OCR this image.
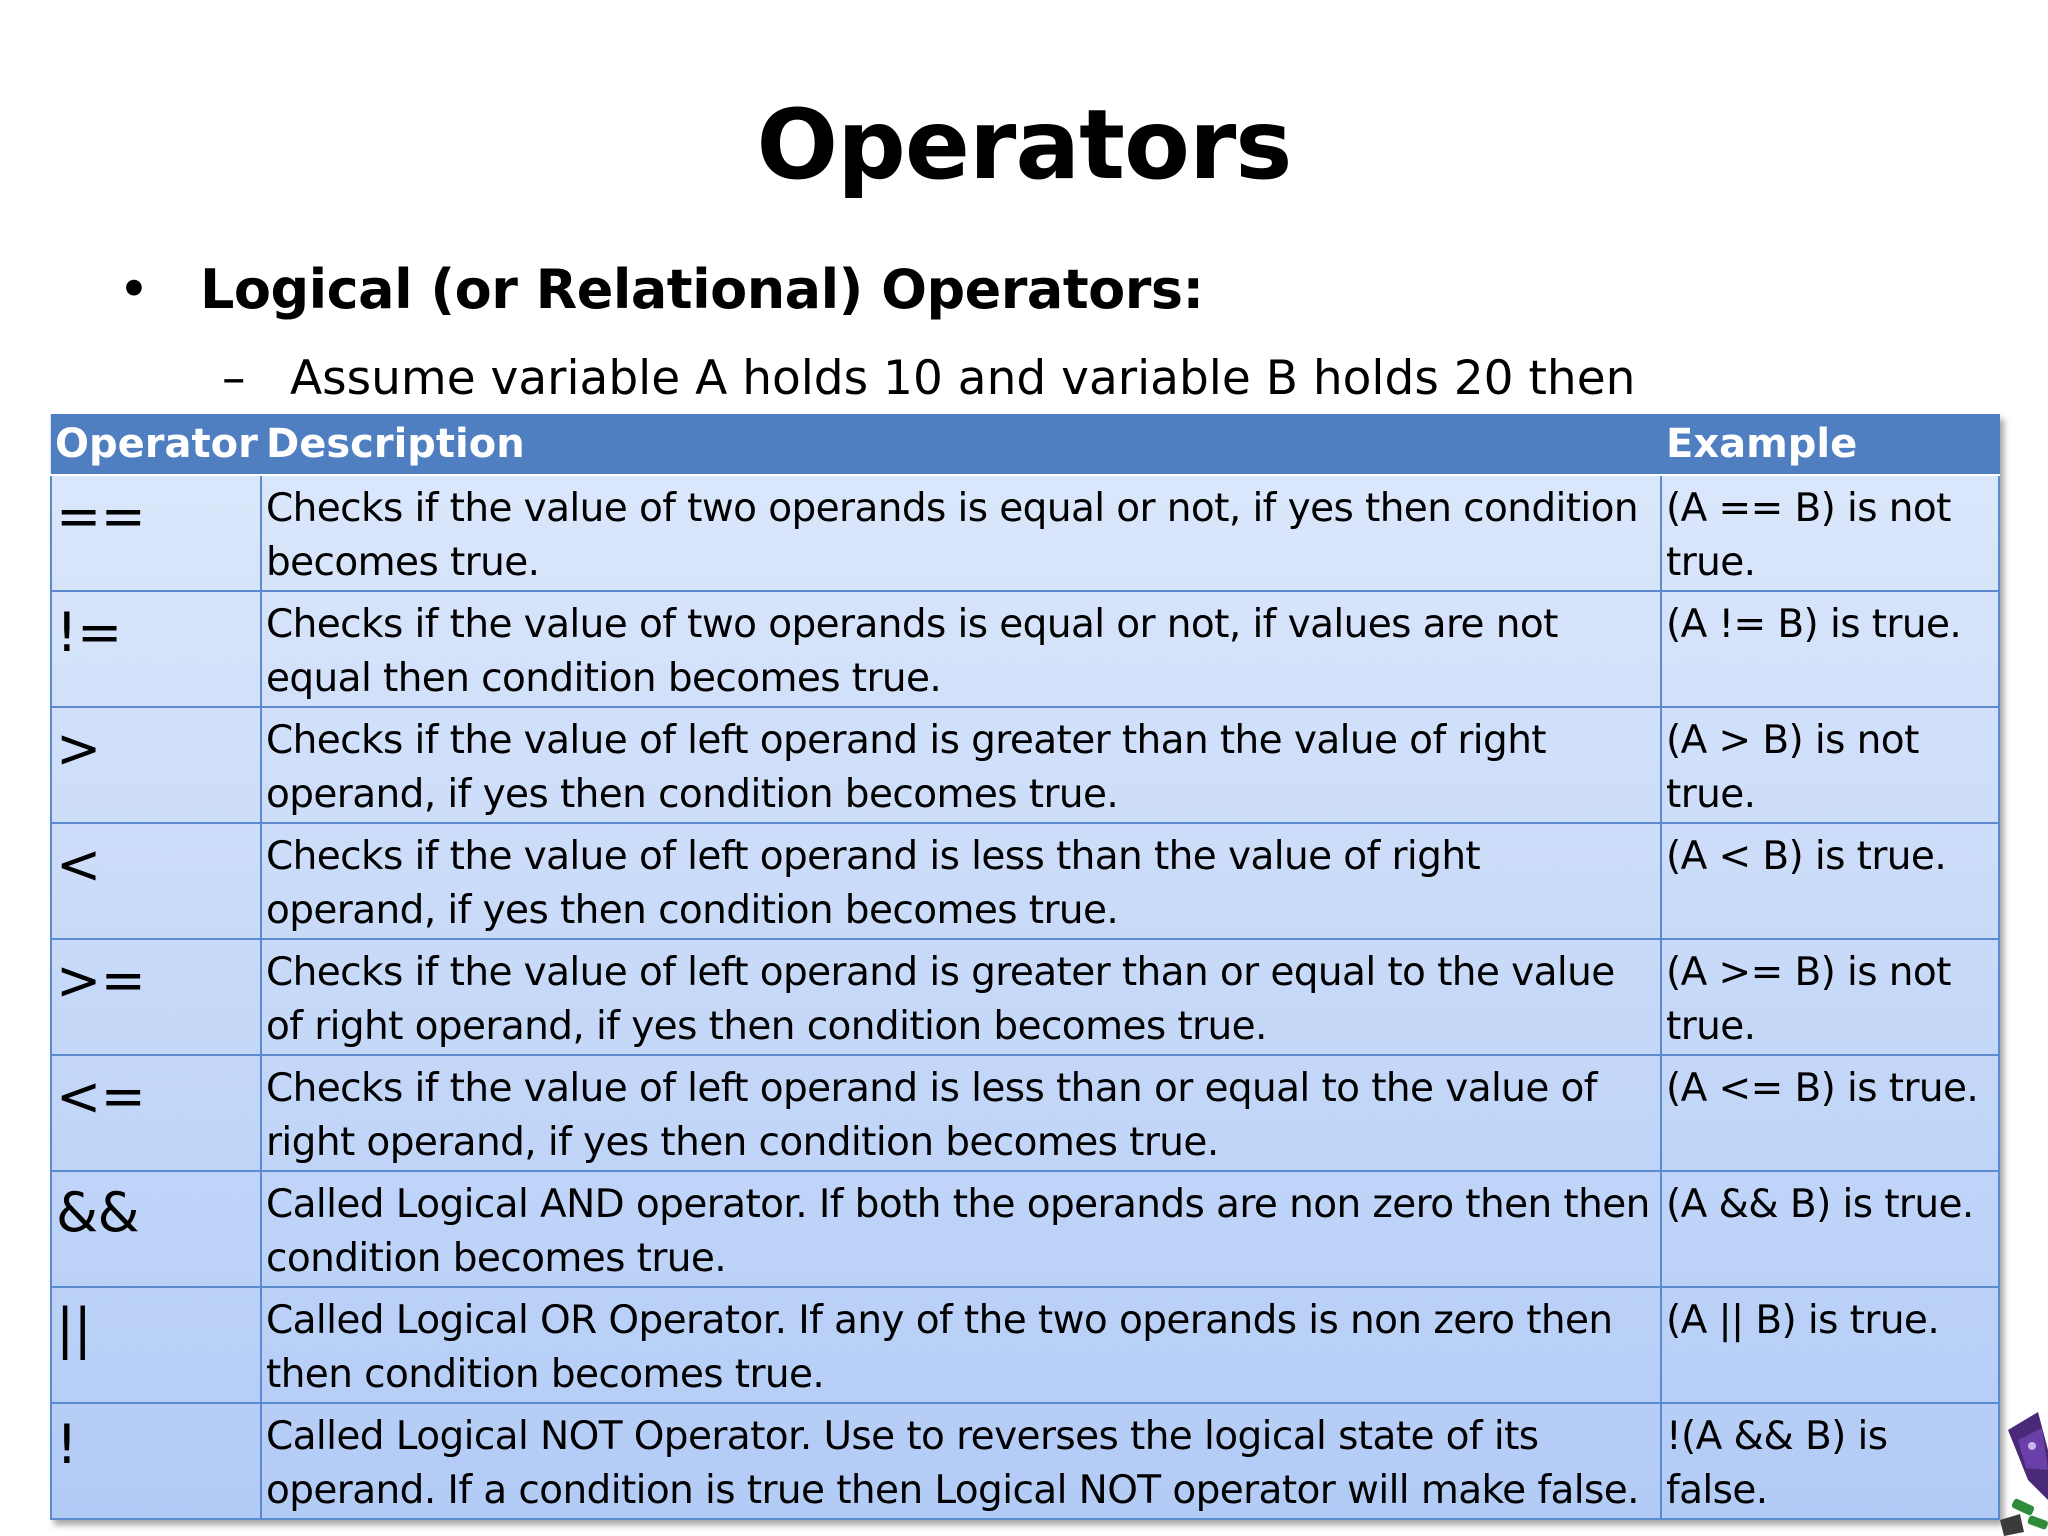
Operators
• Logical (or Relational) Operators:
– Assume variable A holds 10 and variable B holds 20 then
Operator	Description	Example
==	Checks if the value of two operands is equal or not, if yes then condition becomes true.	(A == B) is not true.
!=	Checks if the value of two operands is equal or not, if values are not equal then condition becomes true.	(A != B) is true.
>	Checks if the value of left operand is greater than the value of right operand, if yes then condition becomes true.	(A > B) is not true.
<	Checks if the value of left operand is less than the value of right operand, if yes then condition becomes true.	(A < B) is true.
>=	Checks if the value of left operand is greater than or equal to the value of right operand, if yes then condition becomes true.	(A >= B) is not true.
<=	Checks if the value of left operand is less than or equal to the value of right operand, if yes then condition becomes true.	(A <= B) is true.
&&	Called Logical AND operator. If both the operands are non zero then then condition becomes true.	(A && B) is true.
||	Called Logical OR Operator. If any of the two operands is non zero then then condition becomes true.	(A || B) is true.
!	Called Logical NOT Operator. Use to reverses the logical state of its operand. If a condition is true then Logical NOT operator will make false.	!(A && B) is false.
